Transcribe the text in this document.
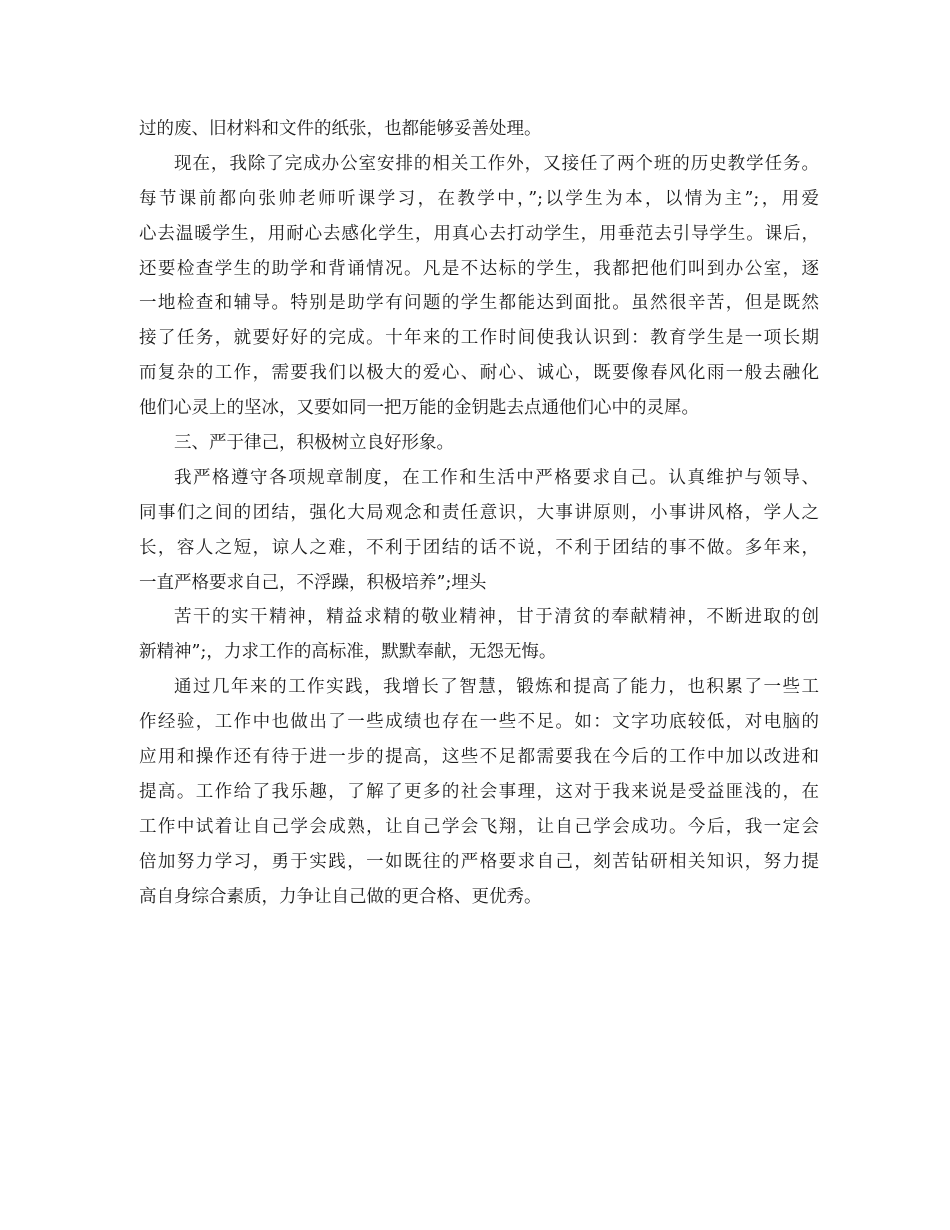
过的废、旧材料和文件的纸张，也都能够妥善处理。
现在，我除了完成办公室安排的相关工作外，又接任了两个班的历史教学任务。
每节课前都向张帅老师听课学习，在教学中，”;以学生为本，以情为主”;，用爱
心去温暖学生，用耐心去感化学生，用真心去打动学生，用垂范去引导学生。课后，
还要检查学生的助学和背诵情况。凡是不达标的学生，我都把他们叫到办公室，逐
一地检查和辅导。特别是助学有问题的学生都能达到面批。虽然很辛苦，但是既然
接了任务，就要好好的完成。十年来的工作时间使我认识到：教育学生是一项长期
而复杂的工作，需要我们以极大的爱心、耐心、诚心，既要像春风化雨一般去融化
他们心灵上的坚冰，又要如同一把万能的金钥匙去点通他们心中的灵犀。
三、严于律己，积极树立良好形象。
我严格遵守各项规章制度，在工作和生活中严格要求自己。认真维护与领导、
同事们之间的团结，强化大局观念和责任意识，大事讲原则，小事讲风格，学人之
长，容人之短，谅人之难，不利于团结的话不说，不利于团结的事不做。多年来，
一直严格要求自己，不浮躁，积极培养”;埋头
苦干的实干精神，精益求精的敬业精神，甘于清贫的奉献精神，不断进取的创
新精神”;，力求工作的高标准，默默奉献，无怨无悔。
通过几年来的工作实践，我增长了智慧，锻炼和提高了能力，也积累了一些工
作经验，工作中也做出了一些成绩也存在一些不足。如：文字功底较低，对电脑的
应用和操作还有待于进一步的提高，这些不足都需要我在今后的工作中加以改进和
提高。工作给了我乐趣，了解了更多的社会事理，这对于我来说是受益匪浅的，在
工作中试着让自己学会成熟，让自己学会飞翔，让自己学会成功。今后，我一定会
倍加努力学习，勇于实践，一如既往的严格要求自己，刻苦钻研相关知识，努力提
高自身综合素质，力争让自己做的更合格、更优秀。
